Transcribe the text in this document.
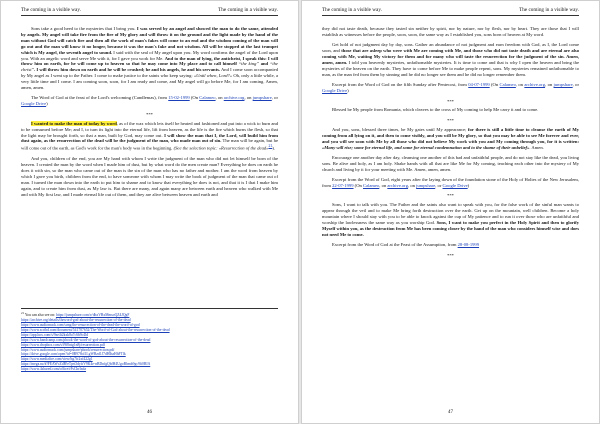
The coming in a visible way.	The coming in a visible way.

Sons take a good heed to the mysteries that I bring you. I was served by an angel and showed the man to do the same, attended by angels. My angel will take fire from the fire of My glory and will throw it on the ground and the light made by the hand of the man without God will catch fire and then all the work of man's fakes will come to an end and the wisdom coming of the man will go out and the man will know it no longer, because it was the man's fake and not wisdom. All will be stopped at the last trumpet which is My angel, the seventh angel to sound. I said with the seal of My angel upon you. My word confirms the angel of the Lord upon you. With an angelic word and serve Me with it, for I gave you work for Me. And to the man of lying, the antichrist, I speak this: I will throw him on earth, for he will come up to heaven so that he may come into My place and to call himself “the king” and “the christ”. I will throw him down on earth and he will be crushed; he and his angels, he and his servants. And I come soon accompanied by My angel as I went up to the Father. I come to make justice to the saints who keep saying: «Until when, Lord?» Oh, only a little while, a very little time and I come. I am coming soon, soon, for I am ready and come, and My angel will go before Me, for I am coming. Amen, amen, amen.

The Word of God at the feast of the Lord's welcoming (Candlemas), from 15-02-1999 (On Calameo, on archive.org, on jumpshare, or Google Drive)

***

I wanted to make the man of today by word, as of the wax which lets itself be heated and fashioned and put into a wick to burn and to be consumed before Me; and I, to turn its light into the eternal life, lift from heaven, as the life is the fire which burns the flesh, so that the light may be brought forth, so that a man, built by God, may come out. I will show the man that I, the Lord, will build him from dust again, as the resurrection of the dead will be the judgment of the man, who made man out of sin. The man will be again, but he will come out of the earth, as God's work for the man's body was in the beginning. (See the selection topic: «Resurrection of the dead»$^{21}$).

And you, children of the end, you are My hand with whom I write the judgment of the man who did not let himself be born of the heaven. I created the man by the word when I made him of dust, but by what word do the men create man? Everything he does on earth he does it with sin, so the man who came out of the man is the sin of the man who has no father and mother. I am the word from heaven by which I gave you birth, children from the end, to have someone with whom I may write the book of judgment of the man that came out of man. I turned the man down into the earth to put him to shame and to know that everything he does is not, and that it is I that I make him again, and to create him from dust, as My law is. But there are many, and again many are between earth and heaven who walked with Me and with My first law, and I made eternal life out of them, and they are alive between heaven and earth and

$^{21}$ You can also see on: https://jumpshare.com/v/dhxVBxMmsoQZ4JQgF
https://archive.org/details/theword-god-about-the-resurrection-of-the-dead
https://www.audiomack.com/song/the-resurrection-of-the-dead-the-word-of-god
https://www.scribd.com/document/541787652/The-Word-of-God-about-the-resurrection-of-the-dead
https://app.box.com/s/9ze4t2kxk8a7c6b9c4ld
https://www.bandcamp.com/pbook-the-word-of-god-about-the-resurrection-of-the-dead
https://www.dropbox.com/s/f9f0ntg1n8j/resurrection.pdf
https://www.audiomack.com/jumpshare/pbook/resurrection.pdf
https://drive.google.com/open?id=0B978ol1LgWRzd1J7dHlhaHhFTlk
https://www.mediafire.com/view/hg7fr2xf422g1
https://mega.nz/#!FEAWcZdB!eTpsOdyfrV9K4e-nBDnfgQbfH4UgoBhmb9gc9fi0BIA
https://www.4shared.com/office/rFsCbrIxda
46
The coming in a visible way.	The coming in a visible way.

they did not taste death, because they tasted sin neither by spirit, nor by nature, nor by flesh, nor by heart. They are those that I will establish as witnesses before the people, soon, soon, the same way as I established you, sons born of heaven at My word.

Get hold of not judgment day by day, sons. Gather an abundance of not judgment and earn freedom with God, as I, the Lord come soon, and those that are asleep who were with Me are coming with Me, and those who did not taste death and are eternal are also coming with Me, waiting My victory for them and for many who will taste the resurrection for the judgment of the sin. Amen, amen, amen. I told you heavenly mysteries, unfathomable mysteries. It is time to come and that is why I open the heaven and bring the mysteries of the heaven on the earth. They have to come before Me to make people repent, sons. My mysteries remained unfathomable to man, as the man fed from them by sinning and he did no longer see them and he did no longer remember them.

Excerpt from the Word of God on the fifth Sunday after Pentecost, from 04-07-1999 (On Calameo, on archive.org, on jumpshare, or Google Drive)

***

Blessed be My people from Romania, which cleaves to the cross of My coming to help Me carry it and to come.

***

And you, sons, blessed three times, be My gates until My appearance; for there is still a little time to cleanse the earth of My coming from all lying on it, and then to come visibly, and you will be My glory, so that you may be able to see Me forever and ever, and you will see soon with Me by all those who did not believe My work with you and My coming through you, for it is written: «Many will rise; some for eternal life, and some for eternal condemnation and to the shame of their unbelief». Amen.

Encourage one another day after day, cleansing one another of this bad and unfaithful people, and do not stay like the dead, you living sons. Be alive and holy, as I am holy. Shake hands with all that are like Me for My coming, teaching each other into the mystery of My church and living by it for your meeting with Me. Amen, amen, amen.

Excerpt from the Word of God, eight years after the laying down of the foundation stone of the Holy of Holies of the New Jerusalem, from 22-07-1999 (On Calameo, on archive.org, on jumpshare, or Google Drive)

***

Sons, I want to talk with you. The Father and the saints also want to speak with you, for the false work of the sinful man wants to appear through the veil and to make Me bring forth destruction over the earth. Get up on the mountain, well children. Become a holy mountain where I should stay with you to be able to knock against the cup of My patience and to run it over those who are unfaithful and worship the lawlessness the same way as you worship God. Sons, I want to make you perfect in the Holy Spirit and then to glorify Myself within you, as the destruction from Me has been coming closer by the hand of the man who considers himself wise and does not need Me to come.

Excerpt from the Word of God at the Feast of the Assumption, from 28-08-1999

***

47
